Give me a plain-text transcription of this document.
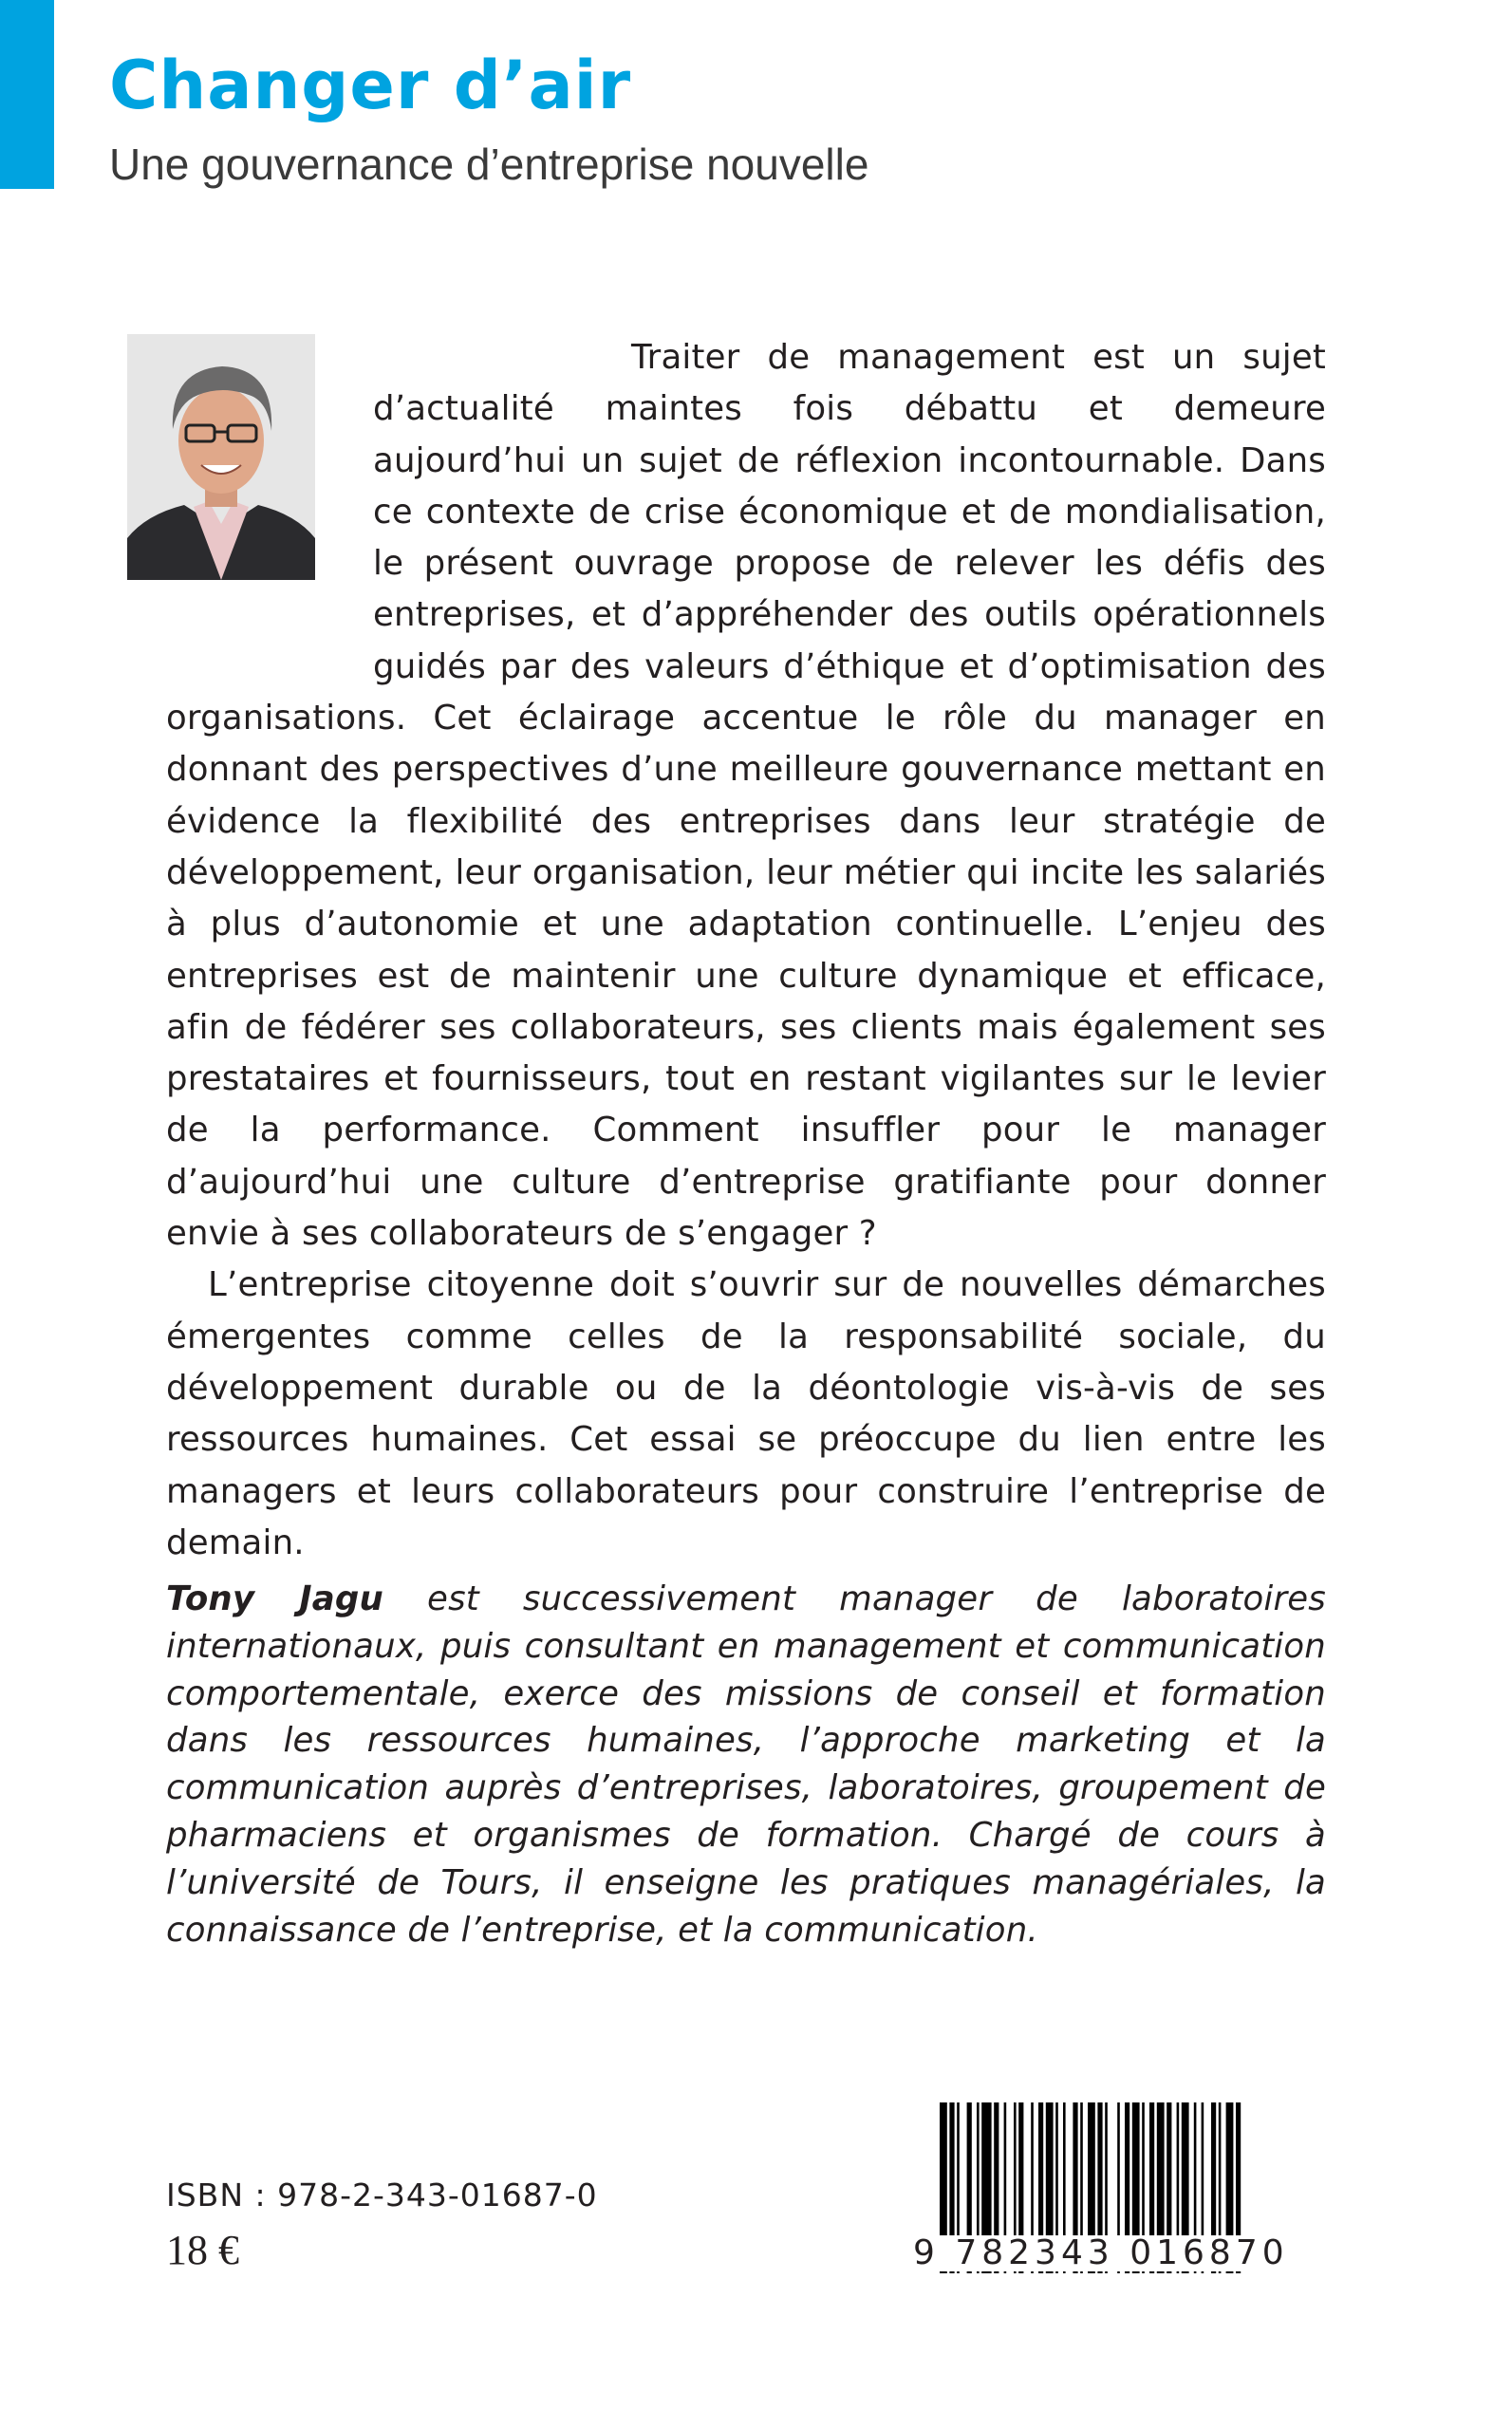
Changer d’air
Une gouvernance d’entreprise nouvelle

Traiter de management est un sujet d’actualité maintes fois débattu et demeure aujourd’hui un sujet de réflexion incontournable. Dans ce contexte de crise économique et de mondialisation, le présent ouvrage propose de relever les défis des entreprises, et d’appréhender des outils opérationnels guidés par des valeurs d’éthique et d’optimisation des organisations. Cet éclairage accentue le rôle du manager en donnant des perspectives d’une meilleure gouvernance mettant en évidence la flexibilité des entreprises dans leur stratégie de développement, leur organisation, leur métier qui incite les salariés à plus d’autonomie et une adaptation continuelle. L’enjeu des entreprises est de maintenir une culture dynamique et efficace, afin de fédérer ses collaborateurs, ses clients mais également ses prestataires et fournisseurs, tout en restant vigilantes sur le levier de la performance. Comment insuffler pour le manager d’aujourd’hui une culture d’entreprise gratifiante pour donner envie à ses collaborateurs de s’engager ?

L’entreprise citoyenne doit s’ouvrir sur de nouvelles démarches émergentes comme celles de la responsabilité sociale, du développement durable ou de la déontologie vis-à-vis de ses ressources humaines. Cet essai se préoccupe du lien entre les managers et leurs collaborateurs pour construire l’entreprise de demain.

Tony Jagu est successivement manager de laboratoires internationaux, puis consultant en management et communication comportementale, exerce des missions de conseil et formation dans les ressources humaines, l’approche marketing et la communication auprès d’entreprises, laboratoires, groupement de pharmaciens et organismes de formation. Chargé de cours à l’université de Tours, il enseigne les pratiques managériales, la connaissance de l’entreprise, et la communication.

ISBN : 978-2-343-01687-0

18 €	9 782343 016870
